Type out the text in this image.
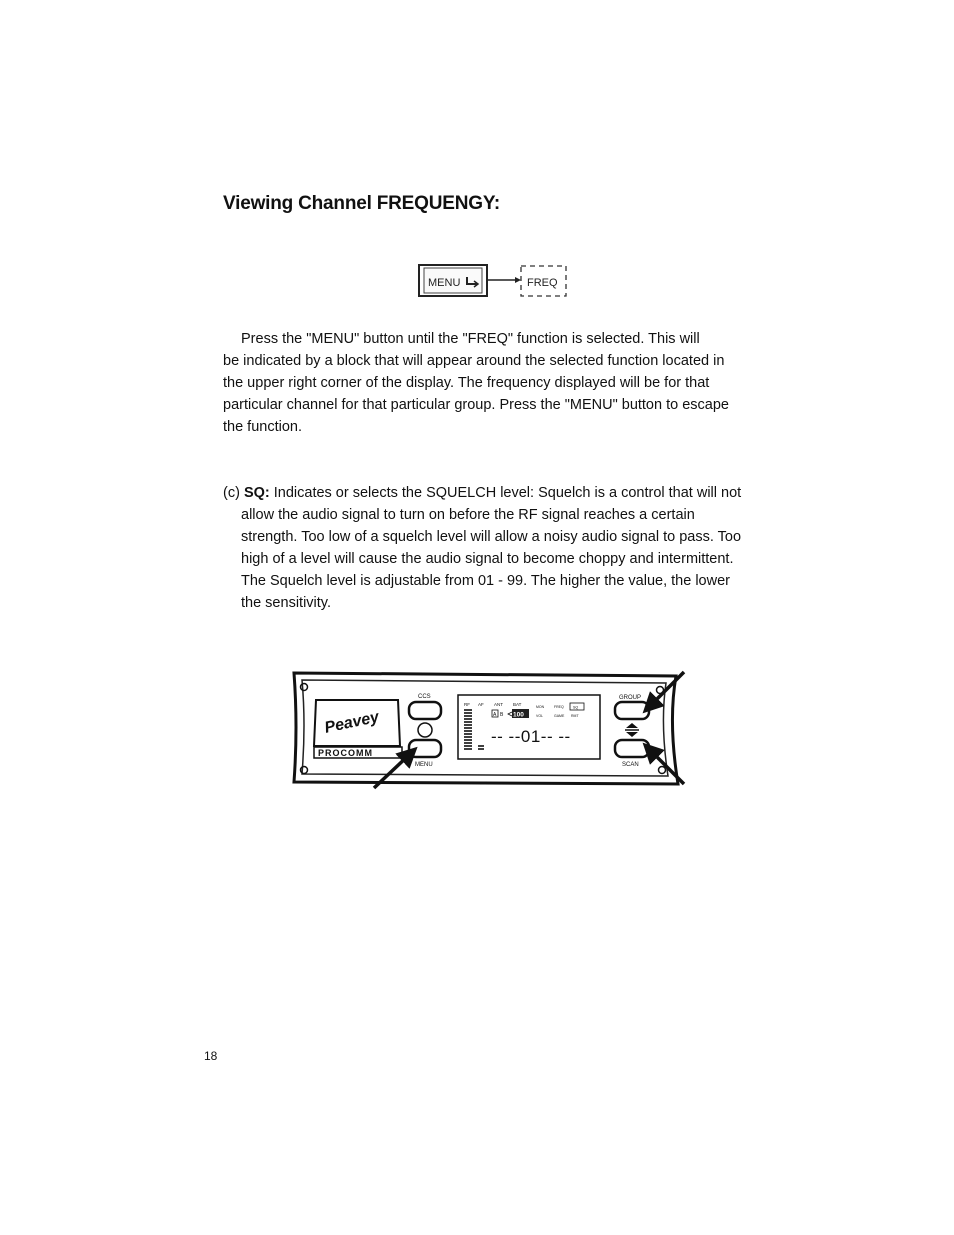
Viewing Channel FREQUENGY:
MENU	FREQ

Press the "MENU" button until the "FREQ" function is selected. This will
be indicated by a block that will appear around the selected function located in the upper right corner of the display. The frequency displayed will be for that particular channel for that particular group. Press the "MENU" button to escape the function.

(c) SQ: Indicates or selects the SQUELCH level: Squelch is a control that will not
allow the audio signal to turn on before the RF signal reaches a certain strength. Too low of a squelch level will allow a noisy audio signal to pass. Too high of a level will cause the audio signal to become choppy and intermittent. The Squelch level is adjustable from 01 - 99. The higher the value, the lower the sensitivity.

Peavey
PROCOMM
CCS
MENU
RF AF ANT BAT	MON	FREQ	SQ
VOL	GAME RMT
A B 100
-- --01-- --
GROUP
SCAN
18
